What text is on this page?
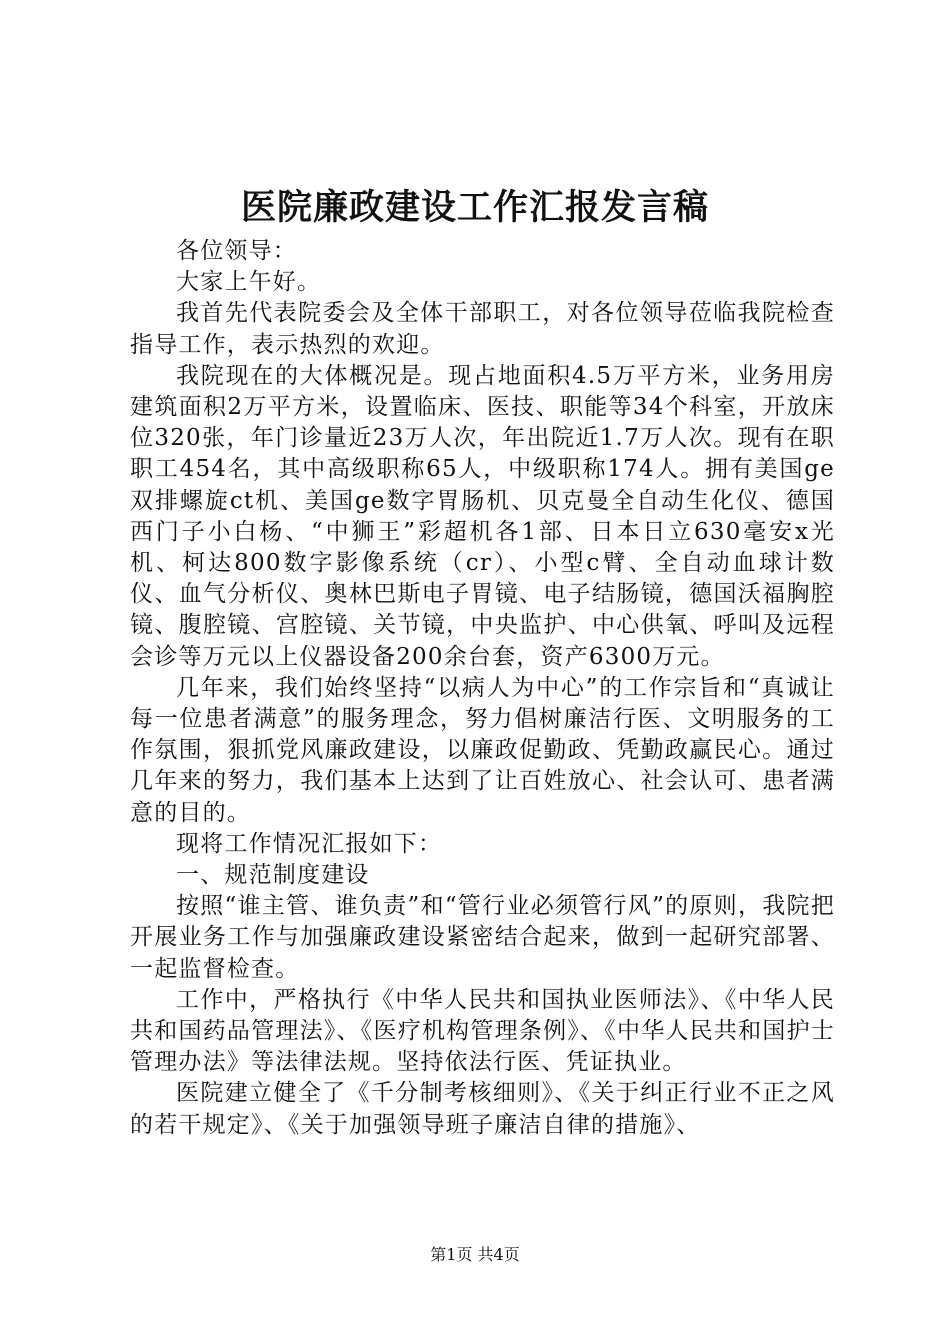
医院廉政建设工作汇报发言稿

各位领导：

大家上午好。

我首先代表院委会及全体干部职工，对各位领导莅临我院检查指导工作，表示热烈的欢迎。

我院现在的大体概况是。现占地面积4.5万平方米，业务用房建筑面积2万平方米，设置临床、医技、职能等34个科室，开放床位320张，年门诊量近23万人次，年出院近1.7万人次。现有在职职工454名，其中高级职称65人，中级职称174人。拥有美国ge双排螺旋ct机、美国ge数字胃肠机、贝克曼全自动生化仪、德国西门子小白杨、“中狮王”彩超机各1部、日本日立630毫安x光机、柯达800数字影像系统（cr）、小型c臂、全自动血球计数仪、血气分析仪、奥林巴斯电子胃镜、电子结肠镜，德国沃福胸腔镜、腹腔镜、宫腔镜、关节镜，中央监护、中心供氧、呼叫及远程会诊等万元以上仪器设备200余台套，资产6300万元。

几年来，我们始终坚持“以病人为中心”的工作宗旨和“真诚让每一位患者满意”的服务理念，努力倡树廉洁行医、文明服务的工作氛围，狠抓党风廉政建设，以廉政促勤政、凭勤政赢民心。通过几年来的努力，我们基本上达到了让百姓放心、社会认可、患者满意的目的。

现将工作情况汇报如下：

一、规范制度建设

按照“谁主管、谁负责”和“管行业必须管行风”的原则，我院把开展业务工作与加强廉政建设紧密结合起来，做到一起研究部署、一起监督检查。

工作中，严格执行《中华人民共和国执业医师法》、《中华人民共和国药品管理法》、《医疗机构管理条例》、《中华人民共和国护士管理办法》等法律法规。坚持依法行医、凭证执业。

医院建立健全了《千分制考核细则》、《关于纠正行业不正之风的若干规定》、《关于加强领导班子廉洁自律的措施》、

第1页 共4页
